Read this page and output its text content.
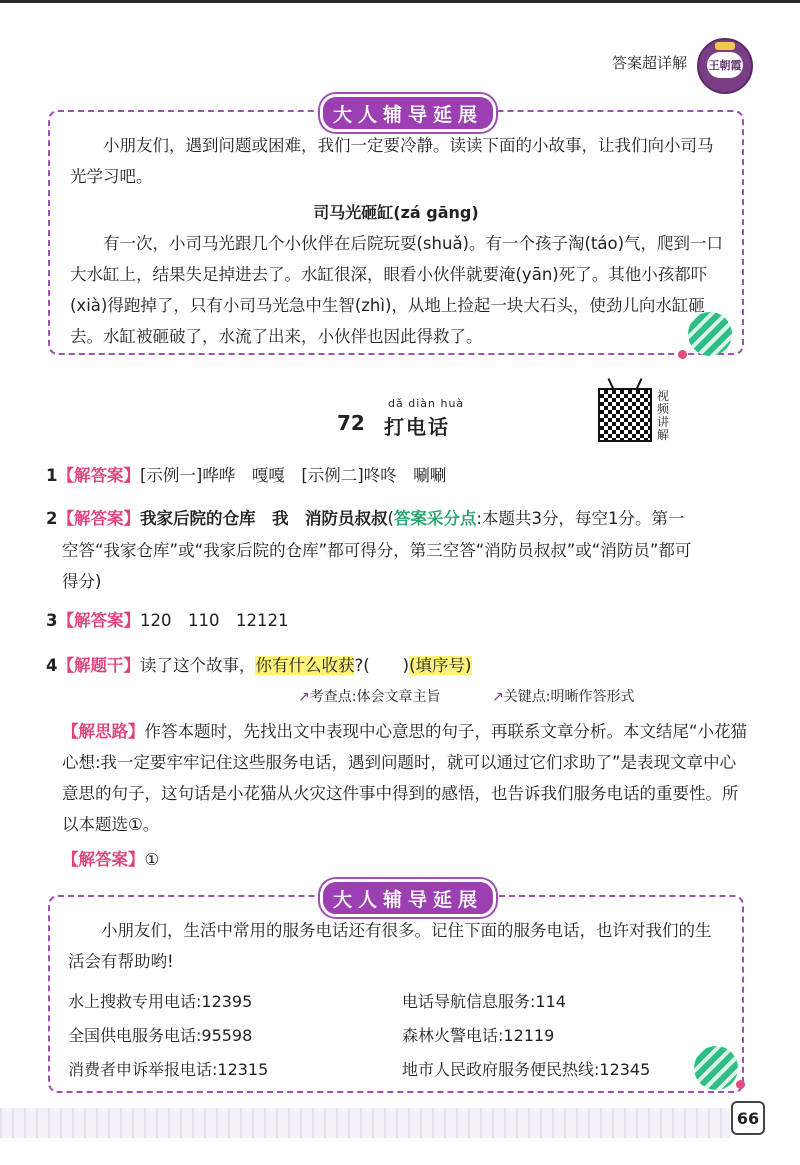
答案超详解 王朝霞
大人辅导延展
小朋友们，遇到问题或困难，我们一定要冷静。读读下面的小故事，让我们向小司马光学习吧。
司马光砸缸(zá gāng)
有一次，小司马光跟几个小伙伴在后院玩耍(shuǎ)。有一个孩子淘(táo)气，爬到一口大水缸上，结果失足掉进去了。水缸很深，眼看小伙伴就要淹(yān)死了。其他小孩都吓(xià)得跑掉了，只有小司马光急中生智(zhì)，从地上捡起一块大石头，使劲儿向水缸砸去。水缸被砸破了，水流了出来，小伙伴也因此得救了。
dǎ diàn huà
72 打电话
视频讲解
1【解答案】[示例一]哗哗　嘎嘎　[示例二]咚咚　唰唰
2【解答案】我家后院的仓库　我　消防员叔叔(答案采分点:本题共3分，每空1分。第一
空答“我家仓库”或“我家后院的仓库”都可得分，第三空答“消防员叔叔”或“消防员”都可
得分)
3【解答案】120　110　12121
4【解题干】读了这个故事，你有什么收获?(　　)(填序号)
↗考查点:体会文章主旨	↗关键点:明晰作答形式
【解思路】作答本题时，先找出文中表现中心意思的句子，再联系文章分析。本文结尾“小花猫心想:我一定要牢牢记住这些服务电话，遇到问题时，就可以通过它们求助了”是表现文章中心意思的句子，这句话是小花猫从火灾这件事中得到的感悟，也告诉我们服务电话的重要性。所以本题选①。
【解答案】①
大人辅导延展
小朋友们，生活中常用的服务电话还有很多。记住下面的服务电话，也许对我们的生活会有帮助哟!
水上搜救专用电话:12395	电话导航信息服务:114
全国供电服务电话:95598	森林火警电话:12119
消费者申诉举报电话:12315	地市人民政府服务便民热线:12345
66
